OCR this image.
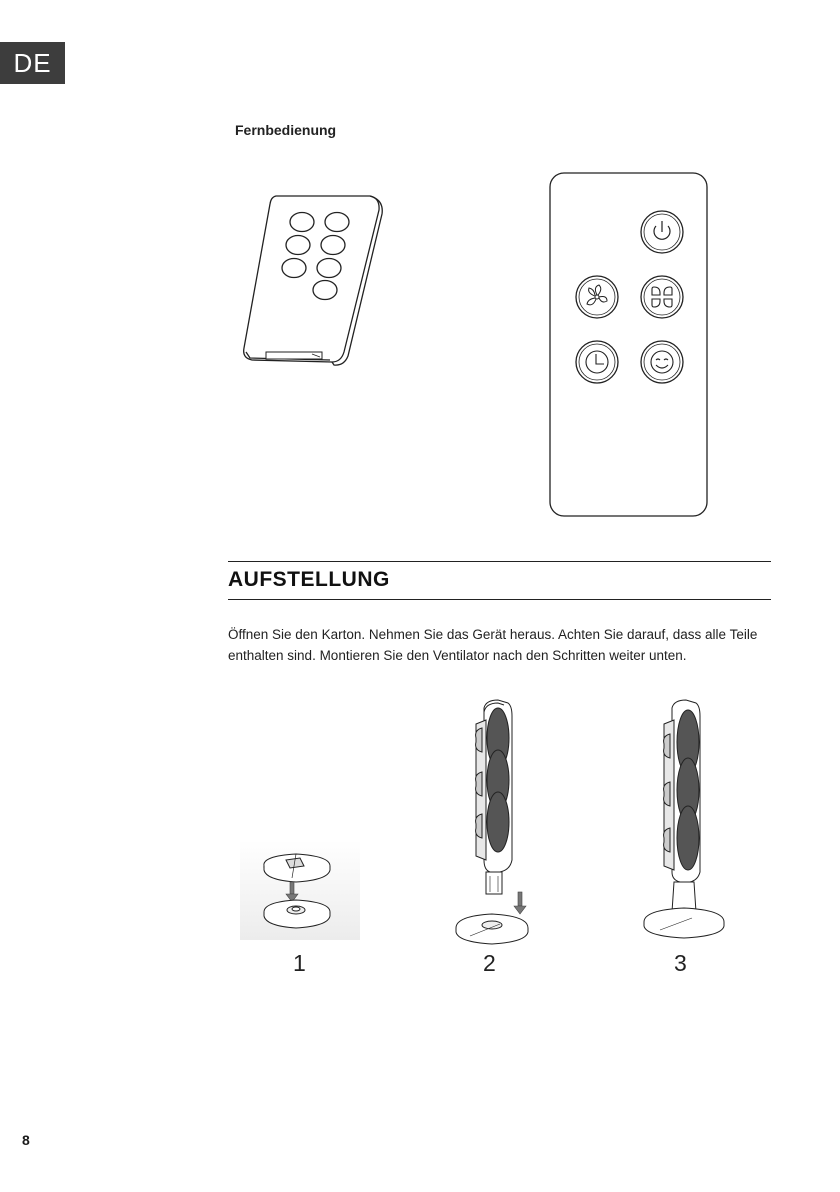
DE
Fernbedienung
AUFSTELLUNG
Öffnen Sie den Karton. Nehmen Sie das Gerät heraus. Achten Sie darauf, dass alle Teile enthalten sind. Montieren Sie den Ventilator nach den Schritten weiter unten.
1	2	3
8
